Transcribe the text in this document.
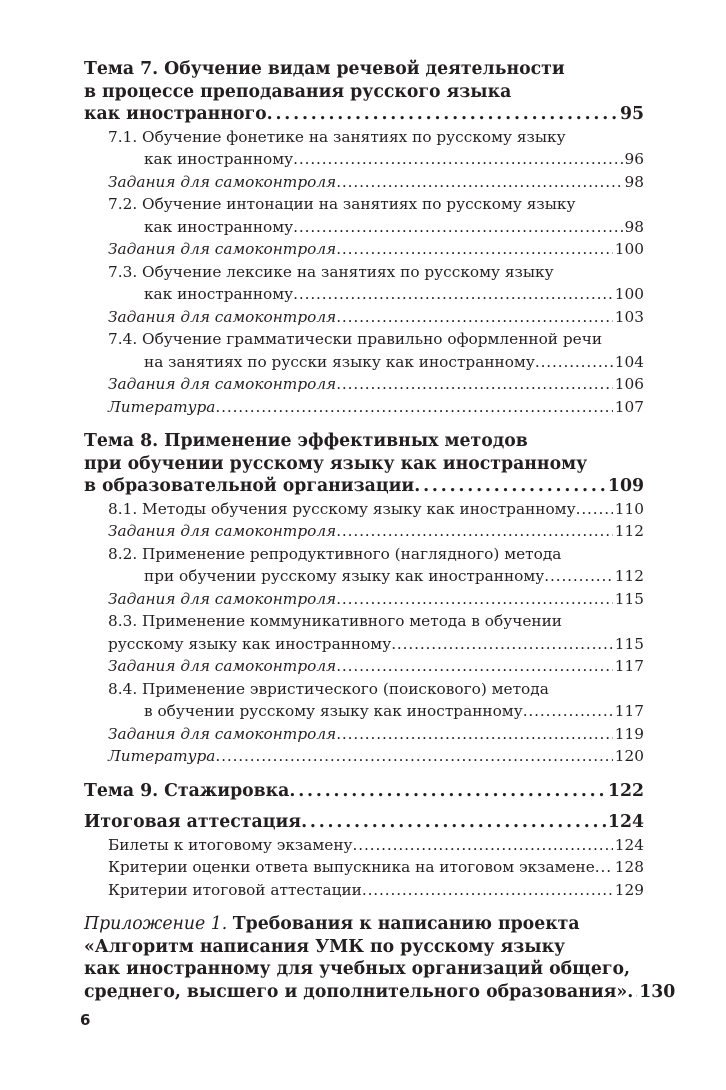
Тема 7. Обучение видам речевой деятельности
в процессе преподавания русского языка
как иностранного . . .	95
7.1. Обучение фонетике на занятиях по русскому языку
как иностранному . . .	96
Задания для самоконтроля . . .	98
7.2. Обучение интонации на занятиях по русскому языку
как иностранному . . .	98
Задания для самоконтроля . . .	100
7.3. Обучение лексике на занятиях по русскому языку
как иностранному . . .	100
Задания для самоконтроля . . .	103
7.4. Обучение грамматически правильно оформленной речи
на занятиях по русски языку как иностранному . . .	104
Задания для самоконтроля . . .	106
Литература . . .	107
Тема 8. Применение эффективных методов
при обучении русскому языку как иностранному
в образовательной организации . . .	109
8.1. Методы обучения русскому языку как иностранному . . .	110
Задания для самоконтроля . . .	112
8.2. Применение репродуктивного (наглядного) метода
при обучении русскому языку как иностранному . . .	112
Задания для самоконтроля . . .	115
8.3. Применение коммуникативного метода в обучении
русскому языку как иностранному . . .	115
Задания для самоконтроля . . .	117
8.4. Применение эвристического (поискового) метода
в обучении русскому языку как иностранному . . .	117
Задания для самоконтроля . . .	119
Литература . . .	120
Тема 9. Стажировка . . .	122
Итоговая аттестация . . .	124
Билеты к итоговому экзамену . . .	124
Критерии оценки ответа выпускника на итоговом экзамене . . . 128
Критерии итоговой аттестации . . .	129
Приложение 1. Требования к написанию проекта
«Алгоритм написания УМК по русскому языку
как иностранному для учебных организаций общего,
среднего, высшего и дополнительного образования» . . . 130
6
